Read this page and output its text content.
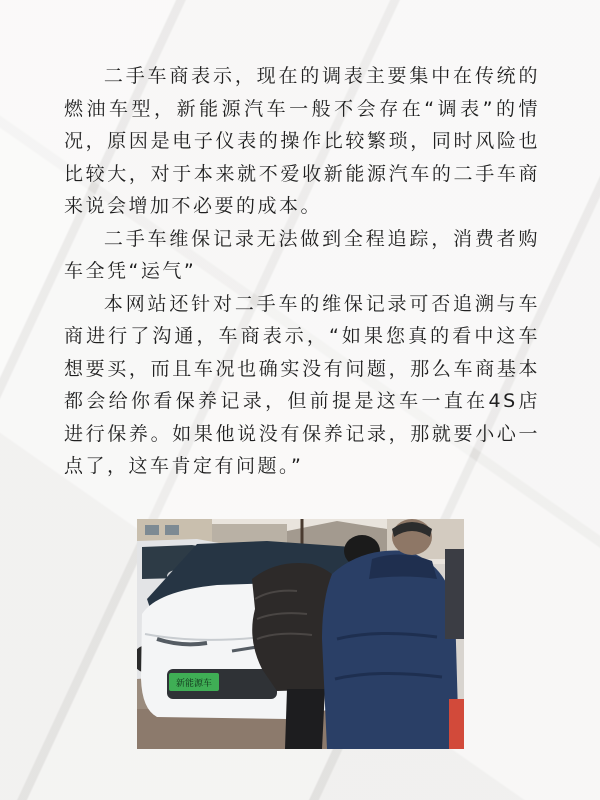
二手车商表示，现在的调表主要集中在传统的燃油车型，新能源汽车一般不会存在“调表”的情况，原因是电子仪表的操作比较繁琐，同时风险也比较大，对于本来就不爱收新能源汽车的二手车商来说会增加不必要的成本。

二手车维保记录无法做到全程追踪，消费者购车全凭“运气”

本网站还针对二手车的维保记录可否追溯与车商进行了沟通，车商表示，“如果您真的看中这车想要买，而且车况也确实没有问题，那么车商基本都会给你看保养记录，但前提是这车一直在4S店进行保养。如果他说没有保养记录，那就要小心一点了，这车肯定有问题。”

新能源车
